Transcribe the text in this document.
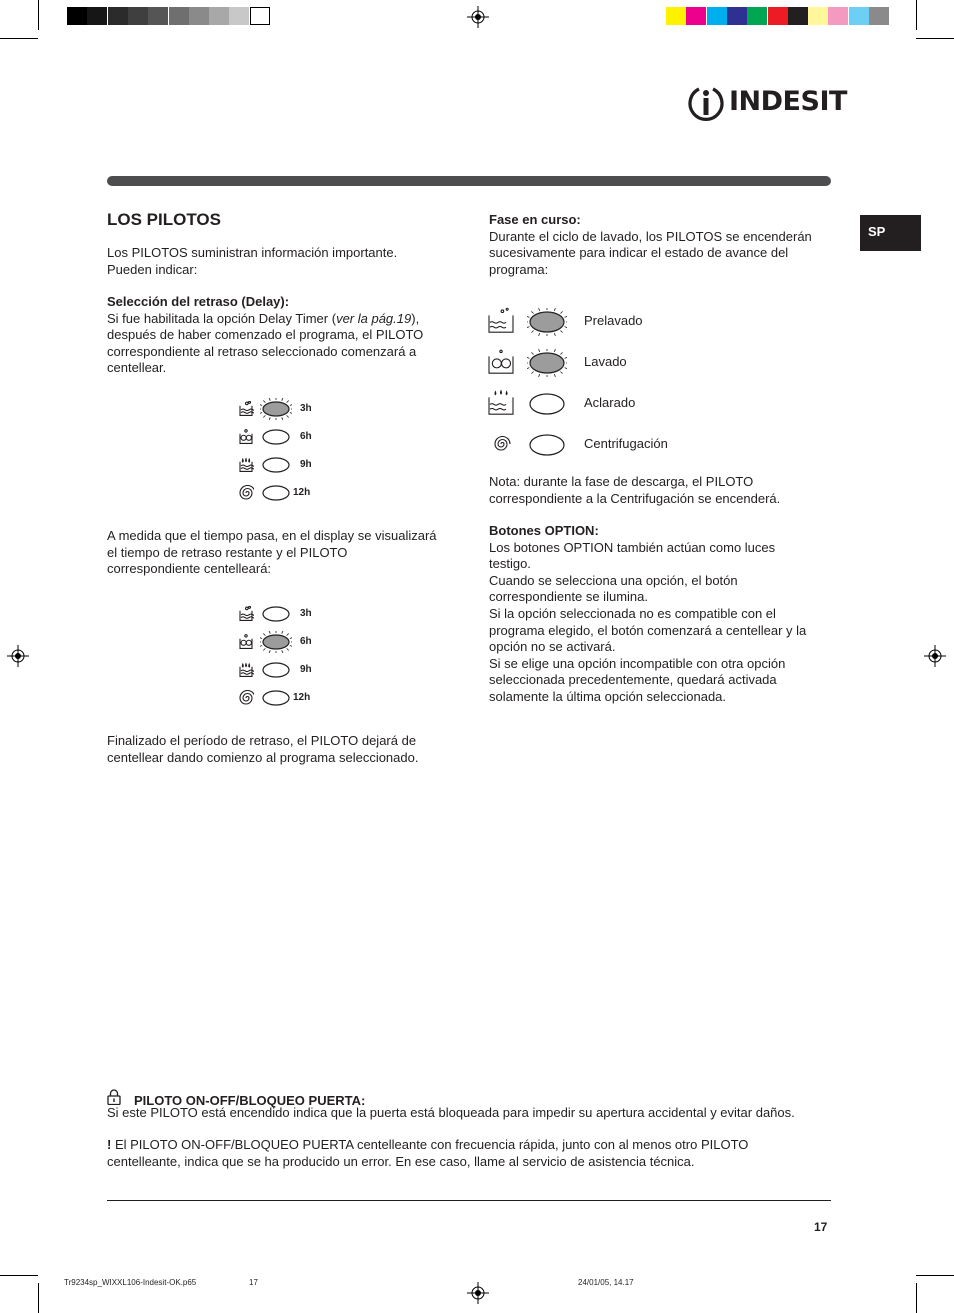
INDESIT
SP
LOS PILOTOS
Los PILOTOS suministran información importante.
Pueden indicar:
Selección del retraso (Delay):
Si fue habilitada la opción Delay Timer (ver la pág.19),
después de haber comenzado el programa, el PILOTO
correspondiente al retraso seleccionado comenzará a
centellear.
3h
6h
9h
12h
A medida que el tiempo pasa, en el display se visualizará
el tiempo de retraso restante y el PILOTO
correspondiente centelleará:
3h
6h
9h
12h
Finalizado el período de retraso, el PILOTO dejará de
centellear dando comienzo al programa seleccionado.
Fase en curso:
Durante el ciclo de lavado, los PILOTOS se encenderán
sucesivamente para indicar el estado de avance del
programa:
Prelavado
Lavado
Aclarado
Centrifugación
Nota: durante la fase de descarga, el PILOTO
correspondiente a la Centrifugación se encenderá.
Botones OPTION:
Los botones OPTION también actúan como luces
testigo.
Cuando se selecciona una opción, el botón
correspondiente se ilumina.
Si la opción seleccionada no es compatible con el
programa elegido, el botón comenzará a centellear y la
opción no se activará.
Si se elige una opción incompatible con otra opción
seleccionada precedentemente, quedará activada
solamente la última opción seleccionada.
PILOTO ON-OFF/BLOQUEO PUERTA:
Si este PILOTO está encendido indica que la puerta está bloqueada para impedir su apertura accidental y evitar daños.
! El PILOTO ON-OFF/BLOQUEO PUERTA centelleante con frecuencia rápida, junto con al menos otro PILOTO
centelleante, indica que se ha producido un error. En ese caso, llame al servicio de asistencia técnica.
17
Tr9234sp_WIXXL106-Indesit-OK.p65	17	24/01/05, 14.17
